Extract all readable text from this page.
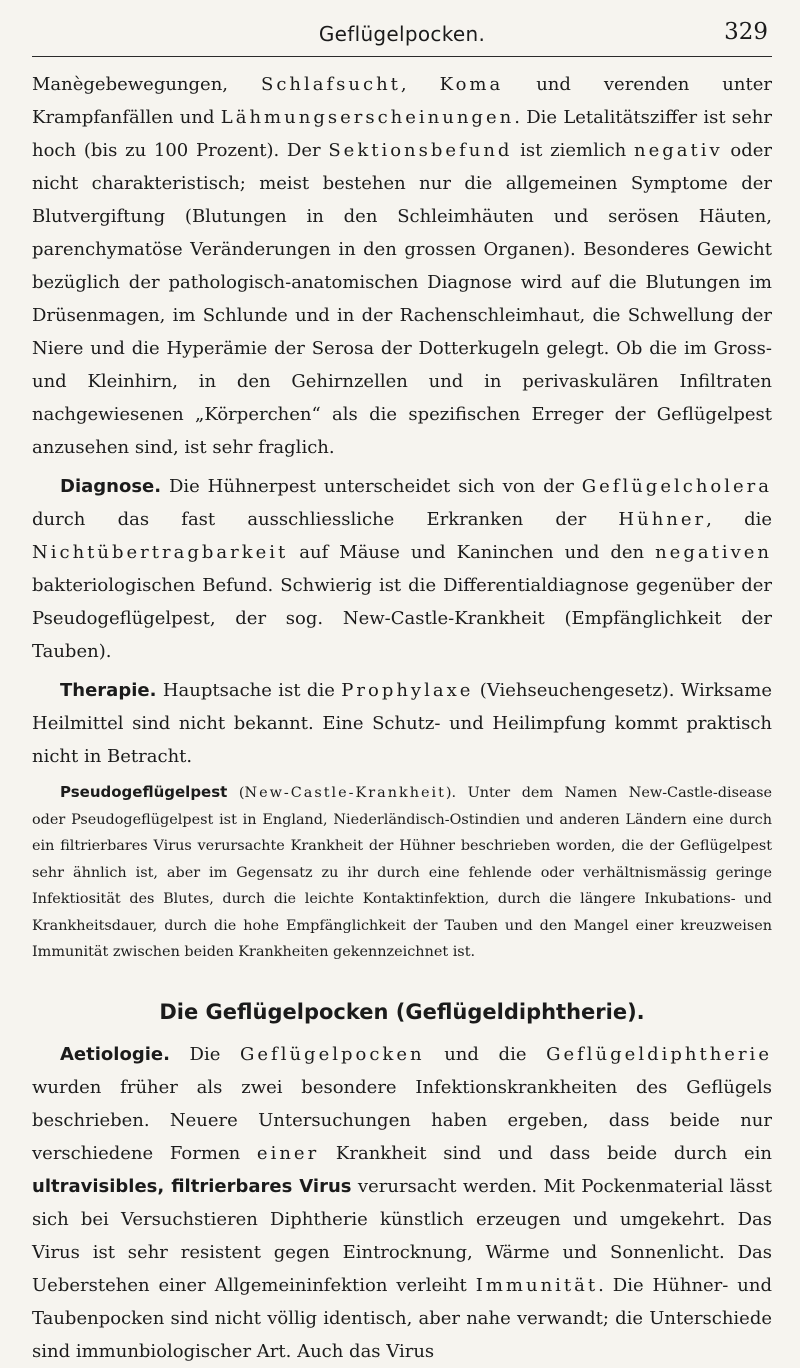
Geflügelpocken.	329

Manègebewegungen, Schlafsucht, Koma und verenden unter Krampfanfällen und Lähmungserscheinungen. Die Letalitätsziffer ist sehr hoch (bis zu 100 Prozent). Der Sektionsbefund ist ziemlich negativ oder nicht charakteristisch; meist bestehen nur die allgemeinen Symptome der Blutvergiftung (Blutungen in den Schleimhäuten und serösen Häuten, parenchymatöse Veränderungen in den grossen Organen). Besonderes Gewicht bezüglich der pathologisch-anatomischen Diagnose wird auf die Blutungen im Drüsenmagen, im Schlunde und in der Rachenschleimhaut, die Schwellung der Niere und die Hyperämie der Serosa der Dotterkugeln gelegt. Ob die im Gross- und Kleinhirn, in den Gehirnzellen und in perivaskulären Infiltraten nachgewiesenen „Körperchen“ als die spezifischen Erreger der Geflügelpest anzusehen sind, ist sehr fraglich.

Diagnose. Die Hühnerpest unterscheidet sich von der Geflügelcholera durch das fast ausschliessliche Erkranken der Hühner, die Nichtübertragbarkeit auf Mäuse und Kaninchen und den negativen bakteriologischen Befund. Schwierig ist die Differentialdiagnose gegenüber der Pseudogeflügelpest, der sog. New-Castle-Krankheit (Empfänglichkeit der Tauben).

Therapie. Hauptsache ist die Prophylaxe (Viehseuchengesetz). Wirksame Heilmittel sind nicht bekannt. Eine Schutz- und Heilimpfung kommt praktisch nicht in Betracht.

Pseudogeflügelpest (New-Castle-Krankheit). Unter dem Namen New-Castle-disease oder Pseudogeflügelpest ist in England, Niederländisch-Ostindien und anderen Ländern eine durch ein filtrierbares Virus verursachte Krankheit der Hühner beschrieben worden, die der Geflügelpest sehr ähnlich ist, aber im Gegensatz zu ihr durch eine fehlende oder verhältnismässig geringe Infektiosität des Blutes, durch die leichte Kontaktinfektion, durch die längere Inkubations- und Krankheitsdauer, durch die hohe Empfänglichkeit der Tauben und den Mangel einer kreuzweisen Immunität zwischen beiden Krankheiten gekennzeichnet ist.

Die Geflügelpocken (Geflügeldiphtherie).

Aetiologie. Die Geflügelpocken und die Geflügeldiphtherie wurden früher als zwei besondere Infektionskrankheiten des Geflügels beschrieben. Neuere Untersuchungen haben ergeben, dass beide nur verschiedene Formen einer Krankheit sind und dass beide durch ein ultravisibles, filtrierbares Virus verursacht werden. Mit Pockenmaterial lässt sich bei Versuchstieren Diphtherie künstlich erzeugen und umgekehrt. Das Virus ist sehr resistent gegen Eintrocknung, Wärme und Sonnenlicht. Das Ueberstehen einer Allgemeininfektion verleiht Immunität. Die Hühner- und Taubenpocken sind nicht völlig identisch, aber nahe verwandt; die Unterschiede sind immunbiologischer Art. Auch das Virus
